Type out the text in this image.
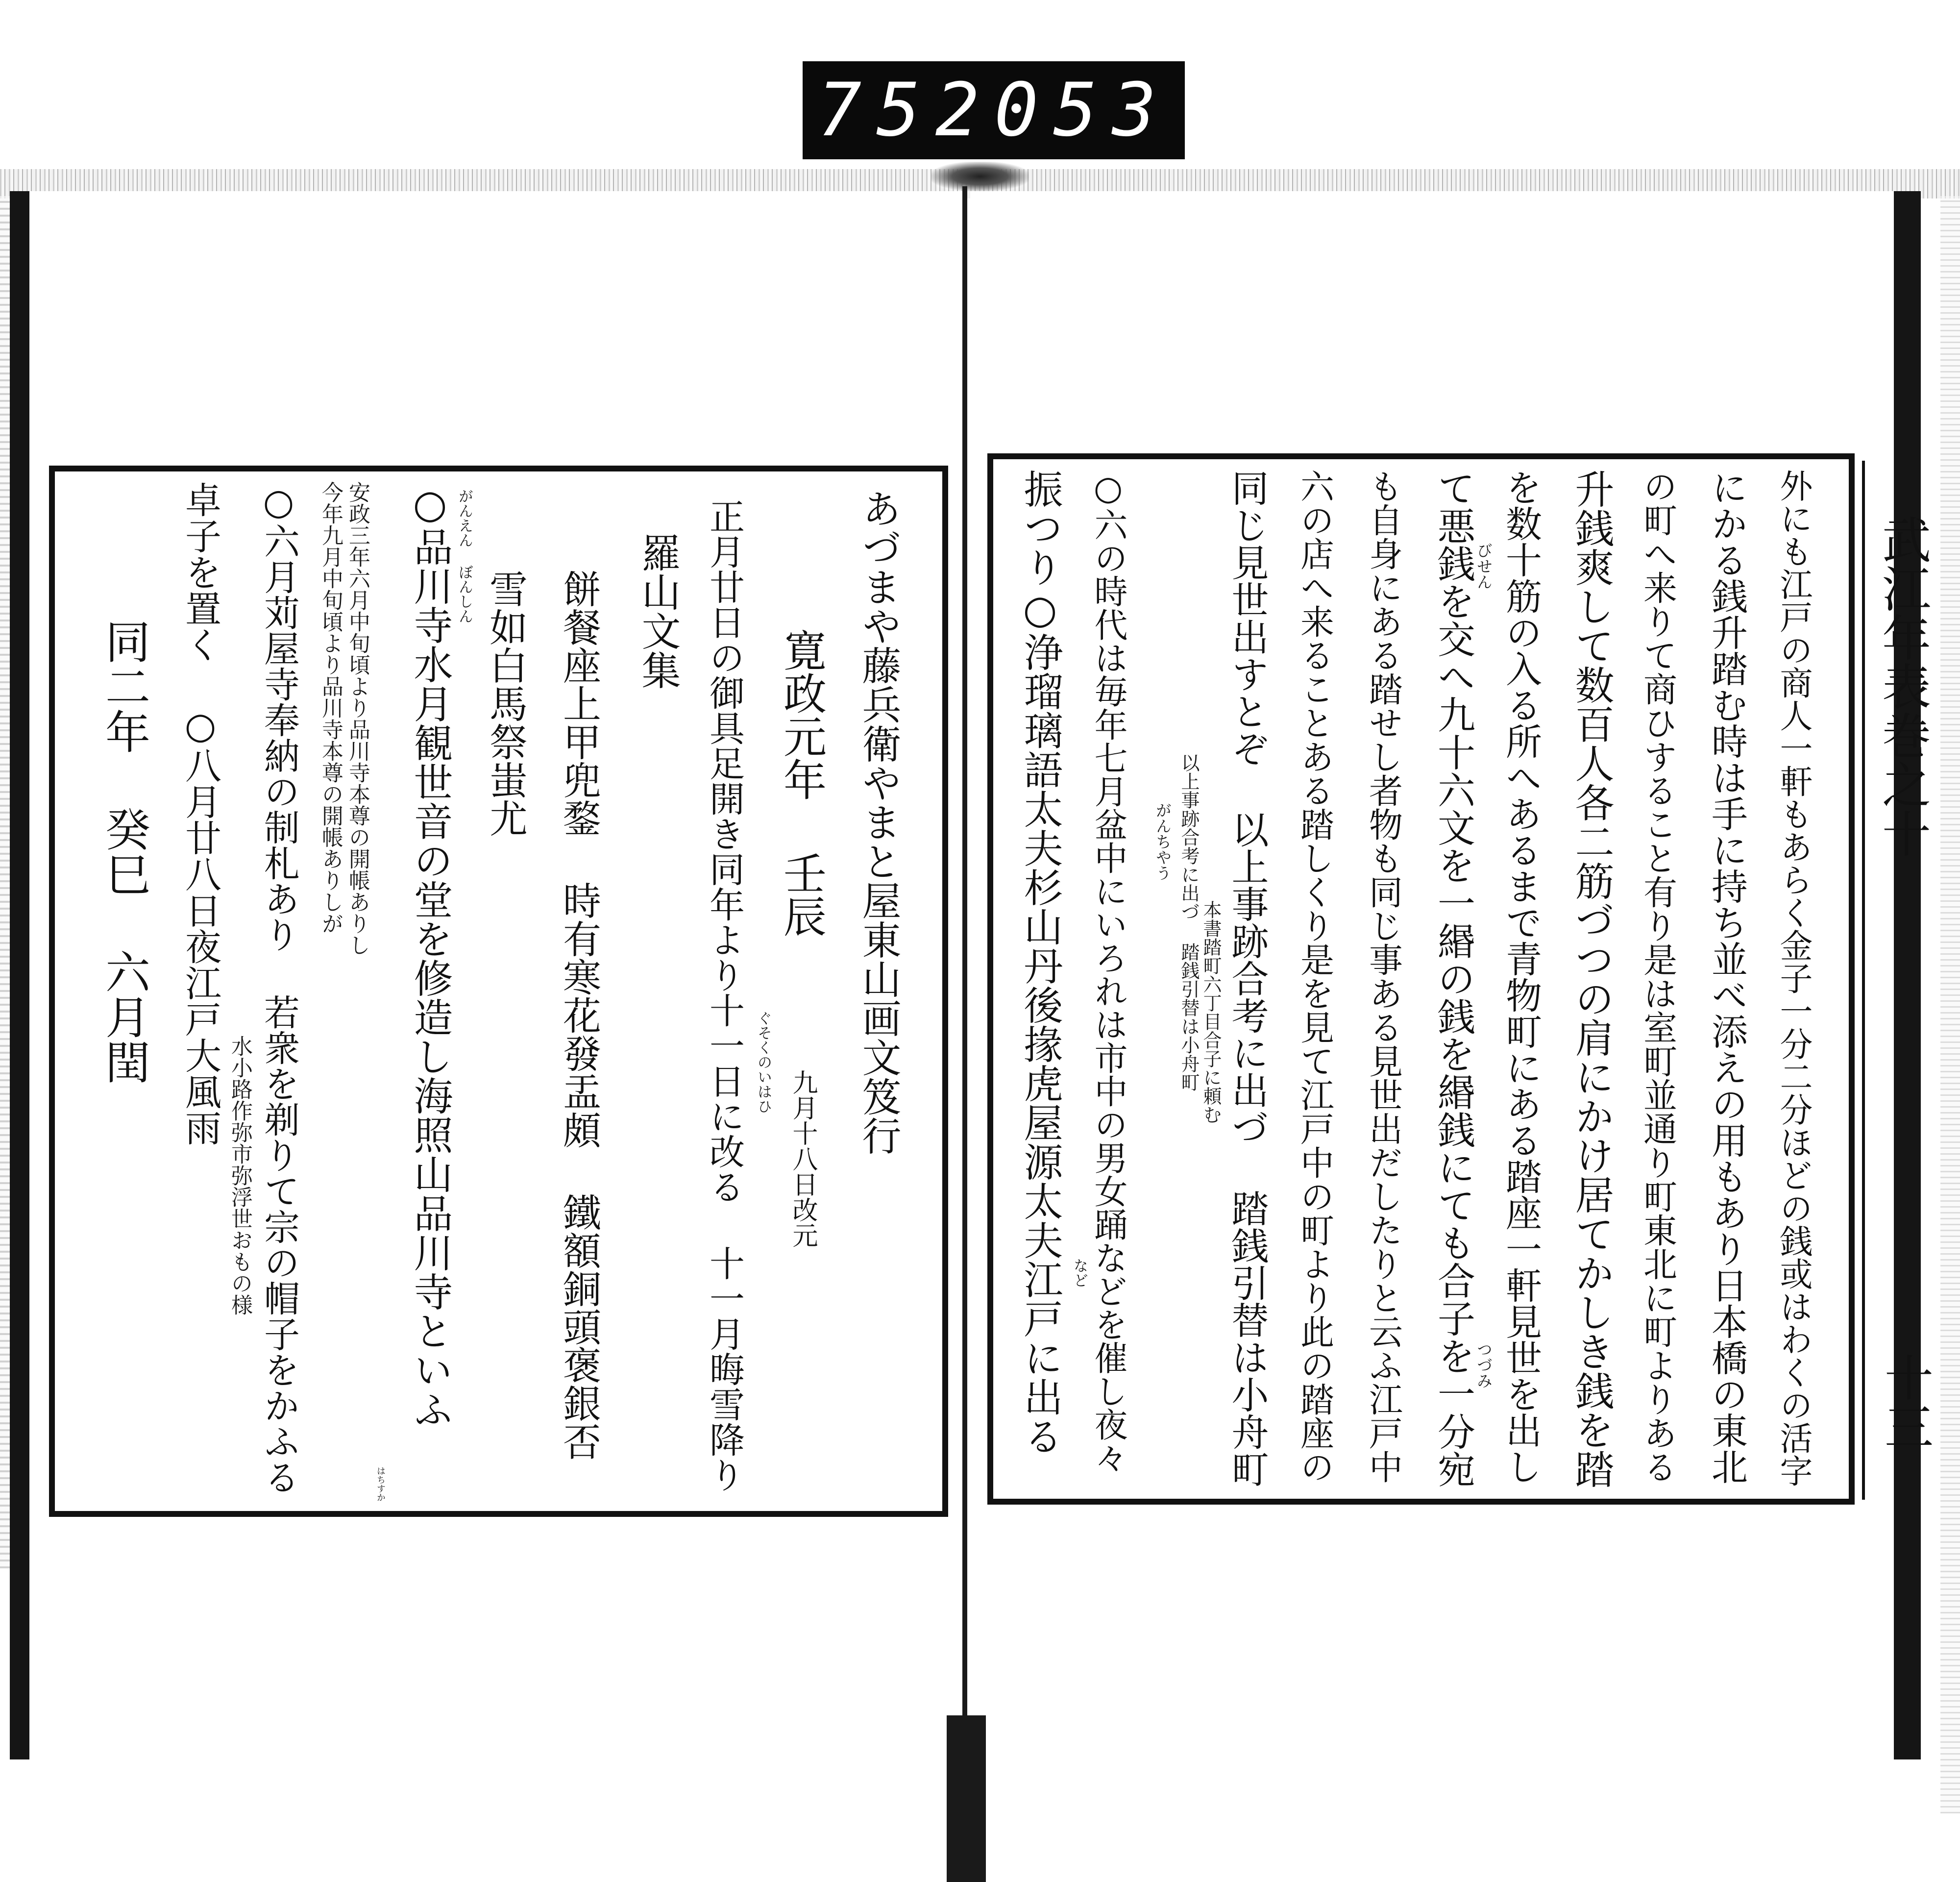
752 053
武江年表巻之十
十三
あづまや藤兵衛やまと屋東山画文笈行
寛政元年 壬辰
九月十八日改元
ぐそくのいはひ
正月廿日の御具足開き同年より十一日に改る 十一月晦雪降り
羅山文集
餅餐座上甲兜鍪 時有寒花發盂頗 鐵額銅頭褒銀否
雪如白馬祭蚩尤
がんえん
ぼんしん
○品川寺水月観世音の堂を修造し海照山品川寺といふ
はちすか
安政三年六月中旬頃より品川寺本尊の開帳ありし
今年九月中旬頃より品川寺本尊の開帳ありしが
○六月苅屋寺奉納の制札あり 若衆を剃りて宗の帽子をかふる
水小路作弥市弥浮世おもの様
卓子を置く ○八月廿八日夜江戸大風雨
同二年 癸巳 六月閏	外にも江戸の商人一軒もあらく金子一分二分ほどの銭或はわくの活字
にかる銭升踏む時は手に持ち並べ添えの用もあり日本橋の東北
の町へ来りて商ひすること有り是は室町並通り町東北に町よりある
升銭爽して数百人各二筋づつの肩にかけ居てかしき銭を踏
を数十筋の入る所へあるまで青物町にある踏座一軒見世を出し
びせん
つづみ
て悪銭を交へ九十六文を一緡の銭を緡銭にても合子を一分宛
も自身にある踏せし者物も同じ事ある見世出だしたりと云ふ江戸中
六の店へ来ることある踏しくり是を見て江戸中の町より此の踏座の
同じ見世出すとぞ 以上事跡合考に出づ 踏銭引替は小舟町
本書踏町六丁目合子に頼む
以上事跡合考に出づ 踏銭引替は小舟町
がんちやう
○六の時代は毎年七月盆中にいろれは市中の男女踊などを催し夜々
など
振つり○浄瑠璃語太夫杉山丹後掾虎屋源太夫江戸に出る
